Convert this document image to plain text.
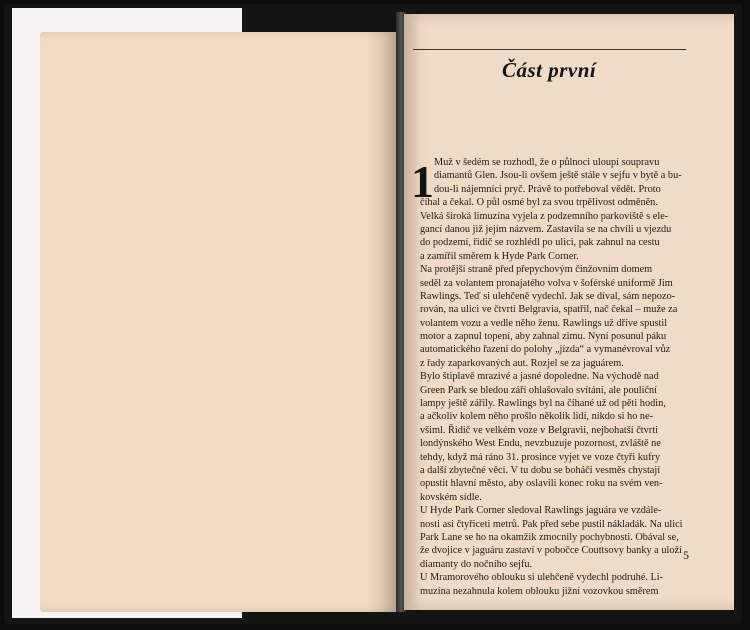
Část první
1 Muž v šedém se rozhodl, že o půlnoci uloupí soupravu
diamantů Glen. Jsou-li ovšem ještě stále v sejfu v bytě a bu-
dou-li nájemníci pryč. Právě to potřeboval vědět. Proto
číhal a čekal. O půl osmé byl za svou trpělivost odměněn.
Velká široká limuzína vyjela z podzemního parkoviště s ele-
gancí danou již jejím názvem. Zastavila se na chvíli u vjezdu
do podzemí, řidič se rozhlédl po ulici, pak zahnul na cestu
a zamířil směrem k Hyde Park Corner.
Na protější straně před přepychovým činžovním domem
seděl za volantem pronajatého volva v šoférské uniformě Jim
Rawlings. Teď si ulehčeně vydechl. Jak se díval, sám nepozo-
rován, na ulici ve čtvrti Belgravia, spatřil, nač čekal – muže za
volantem vozu a vedle něho ženu. Rawlings už dříve spustil
motor a zapnul topení, aby zahnal zimu. Nyní posunul páku
automatického řazení do polohy „jízda“ a vymanévroval vůz
z řady zaparkovaných aut. Rozjel se za jaguárem.
Bylo štiplavě mrazivé a jasné dopoledne. Na východě nad
Green Park se bledou září ohlašovalo svítání, ale pouliční
lampy ještě zářily. Rawlings byl na číhané už od pěti hodin,
a ačkoliv kolem něho prošlo několik lidí, nikdo si ho ne-
všiml. Řidič ve velkém voze v Belgravii, nejbohatší čtvrti
londýnského West Endu, nevzbuzuje pozornost, zvláště ne
tehdy, když má ráno 31. prosince vyjet ve voze čtyři kufry
a další zbytečné věci. V tu dobu se boháči vesměs chystají
opustit hlavní město, aby oslavili konec roku na svém ven-
kovském sídle.
U Hyde Park Corner sledoval Rawlings jaguára ve vzdále-
nosti asi čtyřiceti metrů. Pak před sebe pustil nákladák. Na ulici
Park Lane se ho na okamžik zmocnily pochybnosti. Obával se,
že dvojice v jaguáru zastaví v pobočce Couttsovy banky a uloží
diamanty do nočního sejfu.
U Mramorového oblouku si ulehčeně vydechl podruhé. Li-
muzína nezahnula kolem oblouku jižní vozovkou směrem
5
